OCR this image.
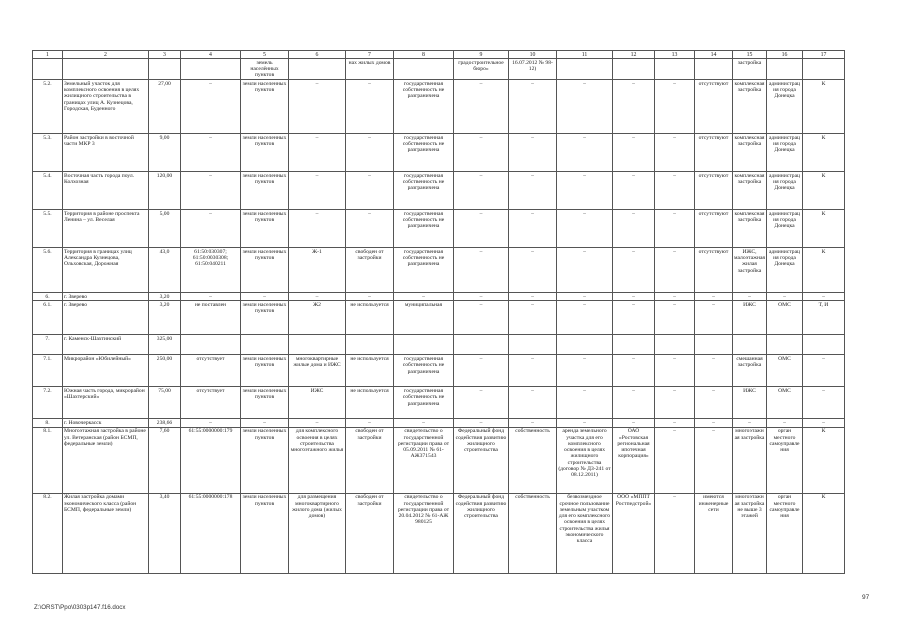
1	2	3	4	5	6	7	8	9	10	11	12	13	14	15	16	17
				земель населённых пунктов		нах жилых домов		градостроительное бюро»	16.07.2012 № 98-12)					застройка		
5.2.	Земельный участок для комплексного освоения в целях жилищного строительства в границах улиц А. Кузнецова, Городская, Буденного	27,00	–	земли населенных пунктов	–	–	государственная собственность не разграничена	–	–	–	–	–	отсутствуют	комплексная застройка	администрация города Донецка	К
5.3.	Район застройки в восточной части МКР 3	9,00	–	земли населенных пунктов	–	–	государственная собственность не разграничена	–	–	–	–	–	отсутствуют	комплексная застройка	администрация города Донецка	К
5.4.	Восточная часть города поул. Колхозная	120,00	–	земли населенных пунктов	–	–	государственная собственность не разграничена	–	–	–	–	–	отсутствуют	комплексная застройка	администрация города Донецка	К
5.5.	Территория в районе проспекта Ленина – ул. Веселая	5,00	–	земли населенных пунктов	–	–	государственная собственность не разграничена	–	–	–	–	–	отсутствуют	комплексная застройка	администрация города Донецка	К
5.6.	Территория в границах улиц Александра Кузнецова, Ольховская, Дорожная	43,0	61:50:030307; 61:50:0030308; 61:50:040211	земли населенных пунктов	Ж-1	свободен от застройки	государственная собственность не разграничена	–	–	–	–	–	отсутствуют	ИЖС, малоэтажная жилая застройка	администрация города Донецка	К
6.	г. Зверево	3,20	–	–	–	–	–	–	–	–	–	–	–	–	–	–
6.1.	г. Зверево	3,20	не поставлен	земли населенных пунктов	Ж2	не используется	муниципальная	–	–	–	–	–	–	ИЖС	ОМС	Т, И
7.	г. Каменск-Шахтинский	325,00														
7.1.	Микрорайон «Юбилейный»	250,00	отсутствует	земли населенных пунктов	многоквартирные жилые дома и ИЖС	не используется	государственная собственность не разграничена	–	–	–	–	–	–	смешанная застройка	ОМС	–
7.2.	Южная часть города, микрорайон «Шахтерский»	75,00	отсутствует	земли населенных пунктов	ИЖС	не используется	государственная собственность не разграничена	–	–	–	–	–	–	ИЖС	ОМС	–
8.	г. Новочеркасск	238,66	–	–	–	–	–	–	–	–	–	–	–	–	–	–
8.1.	Многоэтажная застройка в районе ул. Ветеранская (район БСМП, федеральные земли)	7,60	61:55:0000000:179	земли населенных пунктов	для комплексного освоения в целях строительства многоэтажного жилья	свободен от застройки	свидетельство о государственной регистрации права от 05.09.2011 № 61-АЖ371543	Федеральный фонд содействия развитию жилищного строительства	собственность	аренда земельного участка для его комплексного освоения в целях жилищного строительства (договор № ДЗ-241 от 08.12.2011)	ОАО «Ростовская региональная ипотечная корпорация»	–	–	многоэтажная застройка	орган местного самоуправления	К
8.2.	Жилая застройка домами экономического класса (район БСМП, федеральные земли)	3,40	61:55:0000000:178	земли населенных пунктов	для размещения многоквартирного жилого дома (жилых домов)	свободен от застройки	свидетельство о государственной регистрации права от 20.04.2012 № 61-АЖ 980125	Федеральный фонд содействия развитию жилищного строительства	собственность	безвозмездное срочное пользование земельным участком для его комплексного освоения в целях строительства жилья экономического класса	ООО «МППТ Ростпедстрой»	–	имеются инженерные сети	многоэтажная застройка не выше 3 этажей	орган местного самоуправления	К
Z:\ORST\Ppo\0303p147.f16.docx
97
